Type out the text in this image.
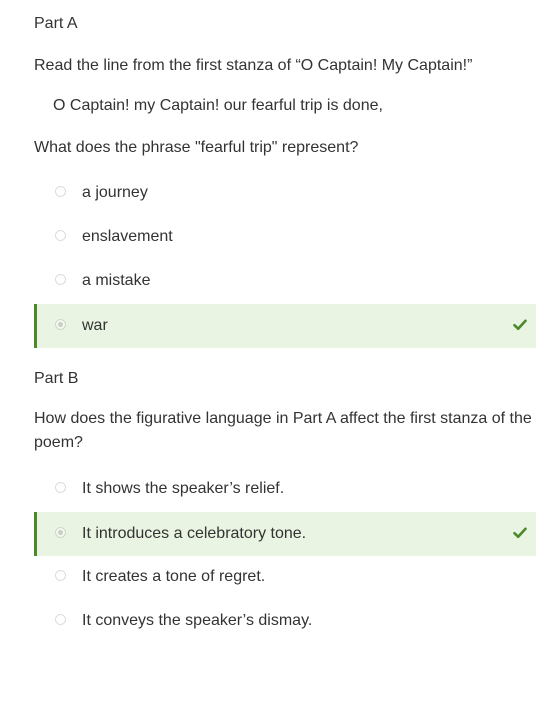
Part A
Read the line from the first stanza of “O Captain! My Captain!”
O Captain! my Captain! our fearful trip is done,
What does the phrase "fearful trip" represent?
a journey
enslavement
a mistake
war
Part B
How does the figurative language in Part A affect the first stanza of the poem?
It shows the speaker’s relief.
It introduces a celebratory tone.
It creates a tone of regret.
It conveys the speaker’s dismay.
